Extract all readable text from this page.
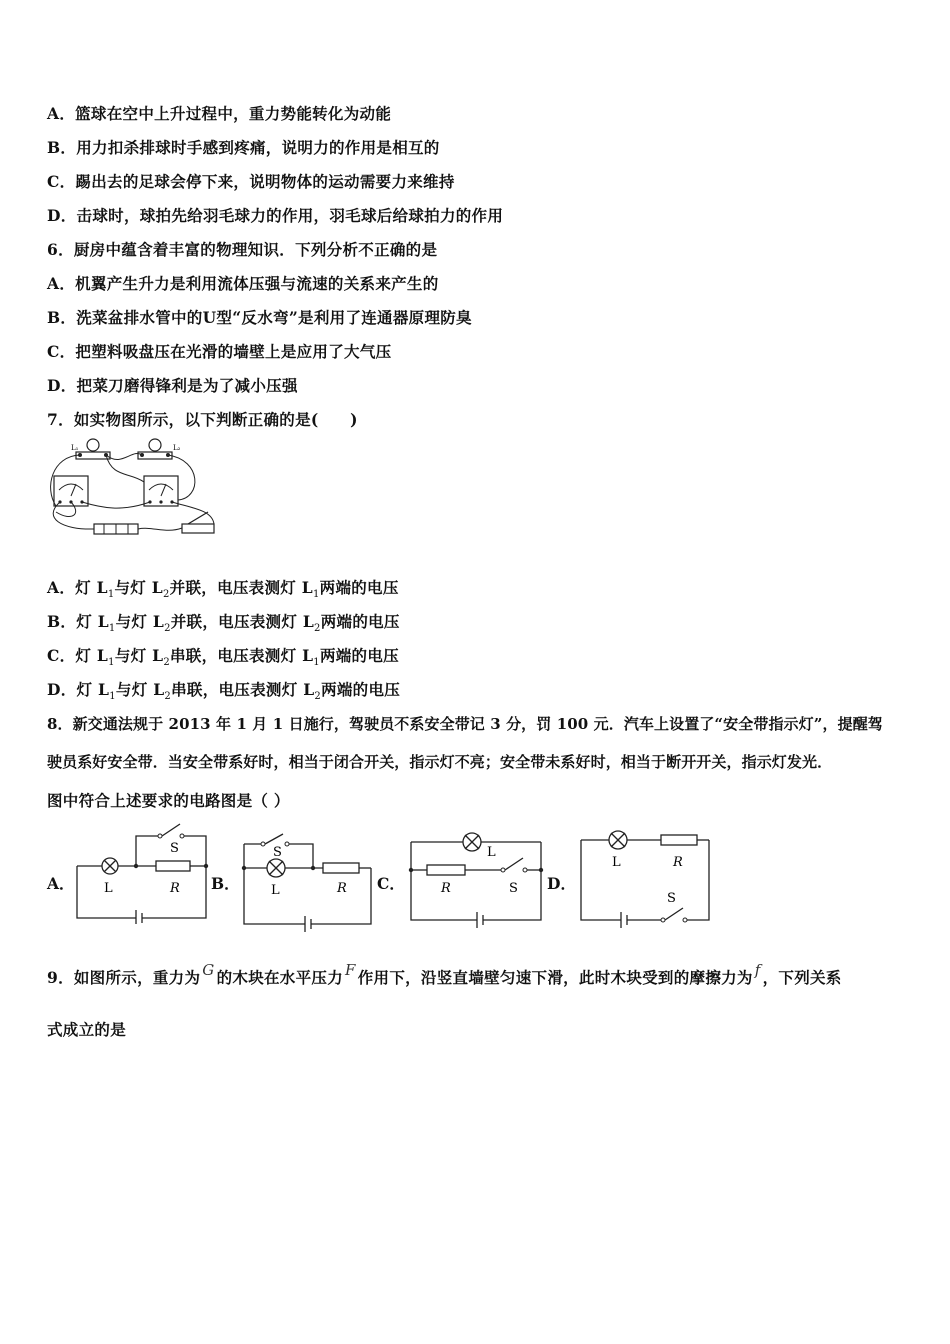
A．篮球在空中上升过程中，重力势能转化为动能
B．用力扣杀排球时手感到疼痛，说明力的作用是相互的
C．踢出去的足球会停下来，说明物体的运动需要力来维持
D．击球时，球拍先给羽毛球力的作用，羽毛球后给球拍力的作用
6．厨房中蕴含着丰富的物理知识．下列分析不正确的是
A．机翼产生升力是利用流体压强与流速的关系来产生的
B．洗菜盆排水管中的U型“反水弯”是利用了连通器原理防臭
C．把塑料吸盘压在光滑的墙壁上是应用了大气压
D．把菜刀磨得锋利是为了减小压强
7．如实物图所示，以下判断正确的是(　　)
L₁	L₂
A．灯 $L_1$与灯 $L_2$并联，电压表测灯 $L_1$两端的电压
B．灯 $L_1$与灯 $L_2$并联，电压表测灯 $L_2$两端的电压
C．灯 $L_1$与灯 $L_2$串联，电压表测灯 $L_1$两端的电压
D．灯 $L_1$与灯 $L_2$串联，电压表测灯 $L_2$两端的电压
8．新交通法规于 2013 年 1 月 1 日施行，驾驶员不系安全带记 3 分，罚 100 元．汽车上设置了“安全带指示灯”，提醒驾
驶员系好安全带．当安全带系好时，相当于闭合开关，指示灯不亮；安全带未系好时，相当于断开开关，指示灯发光．
图中符合上述要求的电路图是（ ）
A．	B．	C．	D．
L	R
S
L	R
S	L
R	S
L	R
S
9．如图所示，重力为 G 的木块在水平压力 F 作用下，沿竖直墙壁匀速下滑，此时木块受到的摩擦力为 f ，下列关系
式成立的是
